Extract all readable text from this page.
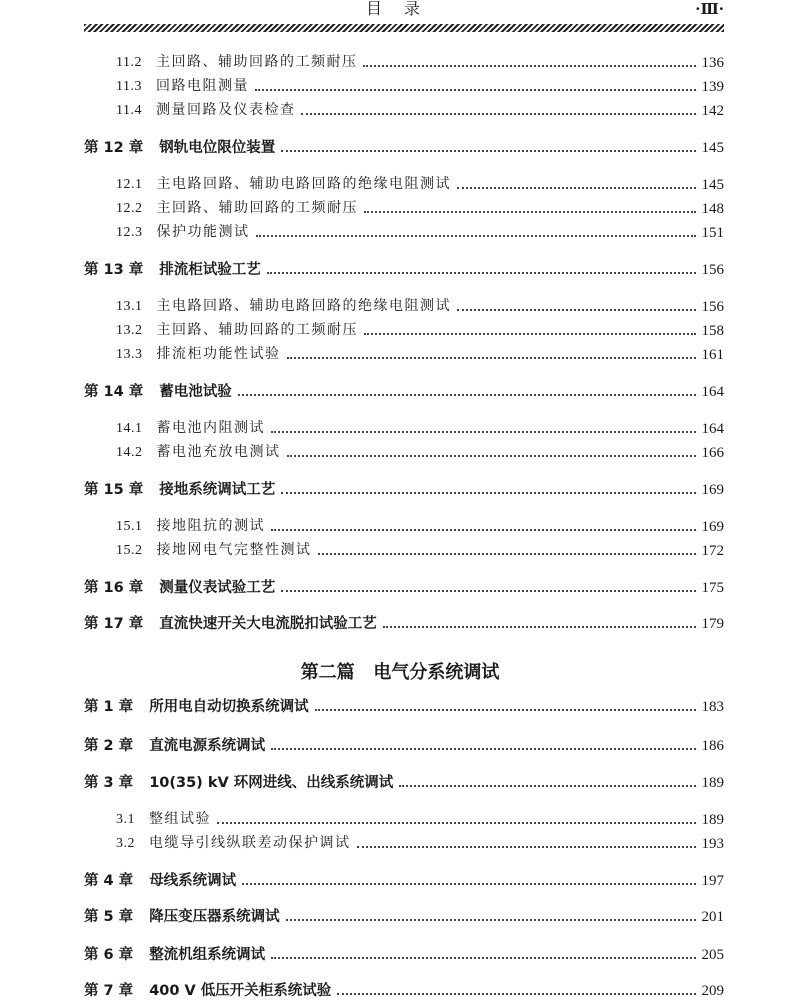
目录	·Ⅲ·
11.2 主回路、辅助回路的工频耐压	136
11.3 回路电阻测量	139
11.4 测量回路及仪表检查	142
第 12 章 钢轨电位限位装置	145
12.1 主电路回路、辅助电路回路的绝缘电阻测试	145
12.2 主回路、辅助回路的工频耐压	148
12.3 保护功能测试	151
第 13 章 排流柜试验工艺	156
13.1 主电路回路、辅助电路回路的绝缘电阻测试	156
13.2 主回路、辅助回路的工频耐压	158
13.3 排流柜功能性试验	161
第 14 章 蓄电池试验	164
14.1 蓄电池内阻测试	164
14.2 蓄电池充放电测试	166
第 15 章 接地系统调试工艺	169
15.1 接地阻抗的测试	169
15.2 接地网电气完整性测试	172
第 16 章 测量仪表试验工艺	175
第 17 章 直流快速开关大电流脱扣试验工艺	179
第二篇 电气分系统调试
第 1 章 所用电自动切换系统调试	183
第 2 章 直流电源系统调试	186
第 3 章 10(35) kV 环网进线、出线系统调试	189
3.1 整组试验	189
3.2 电缆导引线纵联差动保护调试	193
第 4 章 母线系统调试	197
第 5 章 降压变压器系统调试	201
第 6 章 整流机组系统调试	205
第 7 章 400 V 低压开关柜系统试验	209
